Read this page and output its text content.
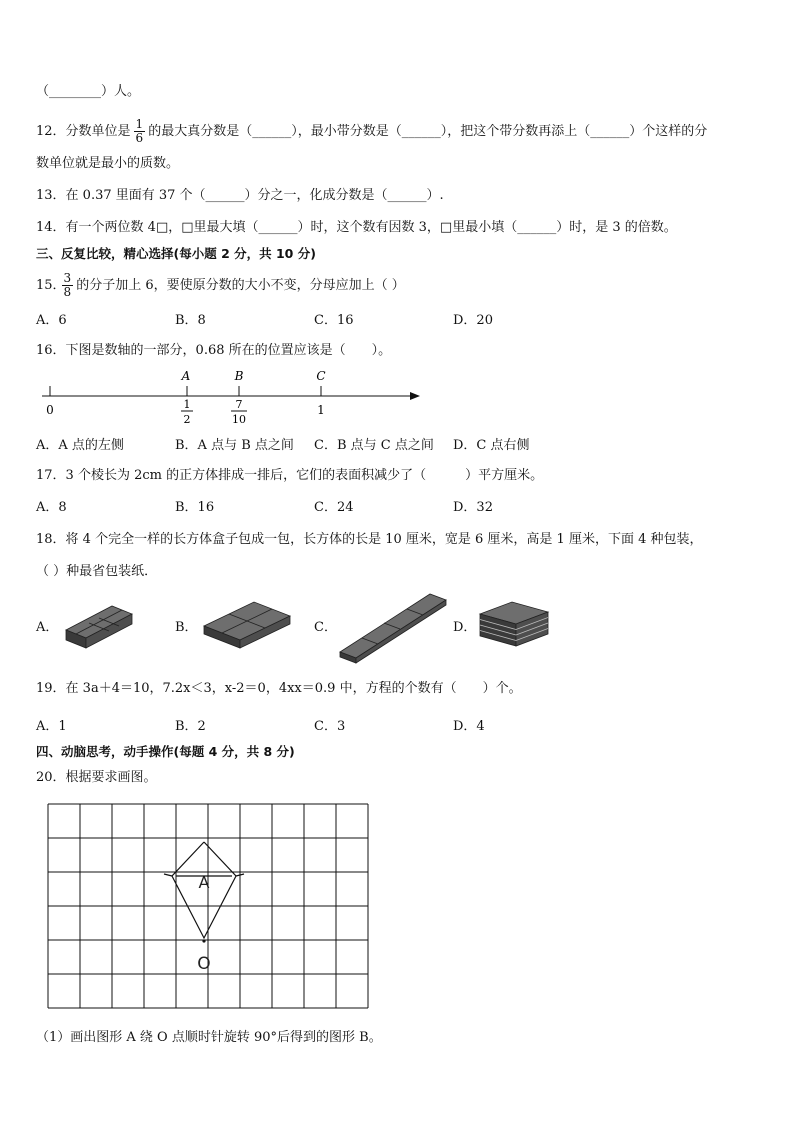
（________）人。
12．分数单位是 $\frac{1}{6}$ 的最大真分数是（______），最小带分数是（______），把这个带分数再添上（______）个这样的分
数单位就是最小的质数。
13．在 0.37 里面有 37 个（______）分之一，化成分数是（______）.
14．有一个两位数 4□，□里最大填（______）时，这个数有因数 3，□里最小填（______）时，是 3 的倍数。
三、反复比较，精心选择(每小题 2 分，共 10 分)
15．
$\frac{3}{8}$ 的分子加上 6，要使原分数的大小不变，分母应加上（ ）
A．6	B．8	C．16	D．20
16．下图是数轴的一部分，0.68 所在的位置应该是（　　）。
A	B	C
0	1
2
7
10
1
A．A 点的左侧	B．A 点与 B 点之间 C．B 点与 C 点之间 D．C 点右侧
17．3 个棱长为 2cm 的正方体排成一排后，它们的表面积减少了（　　　）平方厘米。
A．8	B．16	C．24	D．32
18．将 4 个完全一样的长方体盒子包成一包，长方体的长是 10 厘米，宽是 6 厘米，高是 1 厘米，下面 4 种包装，
（ ）种最省包装纸．
A．	B．	C．	D．
19．在 3a＋4＝10，7.2x＜3，x-2＝0，4xx＝0.9 中，方程的个数有（　　）个。
A．1	B．2	C．3	D．4
四、动脑思考，动手操作(每题 4 分，共 8 分)
20．根据要求画图。
A
O
（1）画出图形 A 绕 O 点顺时针旋转 90°后得到的图形 B。
